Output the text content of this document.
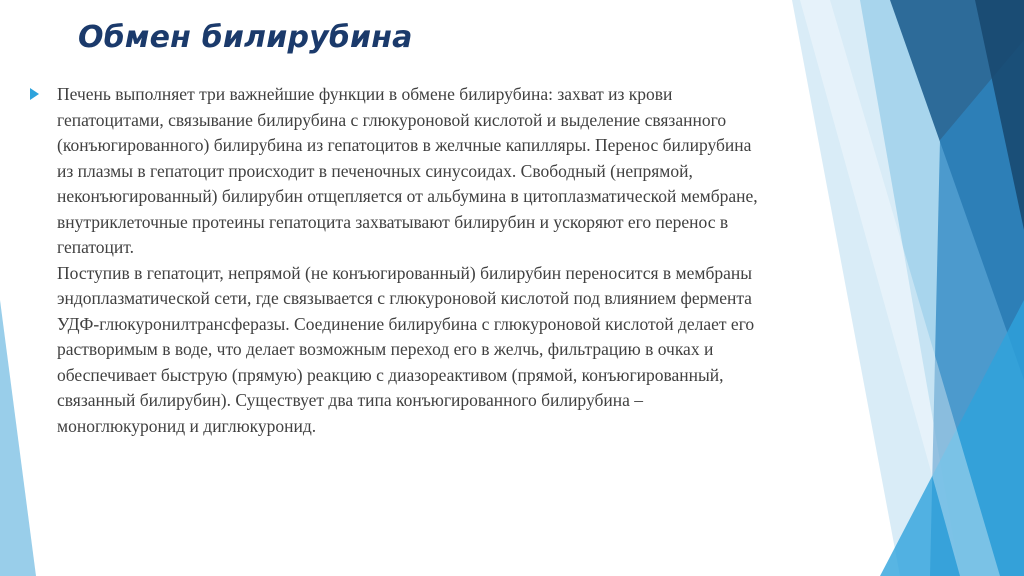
Обмен билирубина

Печень выполняет три важнейшие функции в обмене билирубина: захват из крови
гепатоцитами, связывание билирубина с глюкуроновой кислотой и выделение связанного
(конъюгированного) билирубина из гепатоцитов в желчные капилляры. Перенос билирубина
из плазмы в гепатоцит происходит в печеночных синусоидах. Свободный (непрямой,
неконъюгированный) билирубин отщепляется от альбумина в цитоплазматической мембране,
внутриклеточные протеины гепатоцита захватывают билирубин и ускоряют его перенос в
гепатоцит.

Поступив в гепатоцит, непрямой (не конъюгированный) билирубин переносится в мембраны
эндоплазматической сети, где связывается с глюкуроновой кислотой под влиянием фермента
УДФ-глюкуронилтрансферазы. Соединение билирубина с глюкуроновой кислотой делает его
растворимым в воде, что делает возможным переход его в желчь, фильтрацию в очках и
обеспечивает быструю (прямую) реакцию с диазореактивом (прямой, конъюгированный,
связанный билирубин). Существует два типа конъюгированного билирубина –
моноглюкуронид и диглюкуронид.
